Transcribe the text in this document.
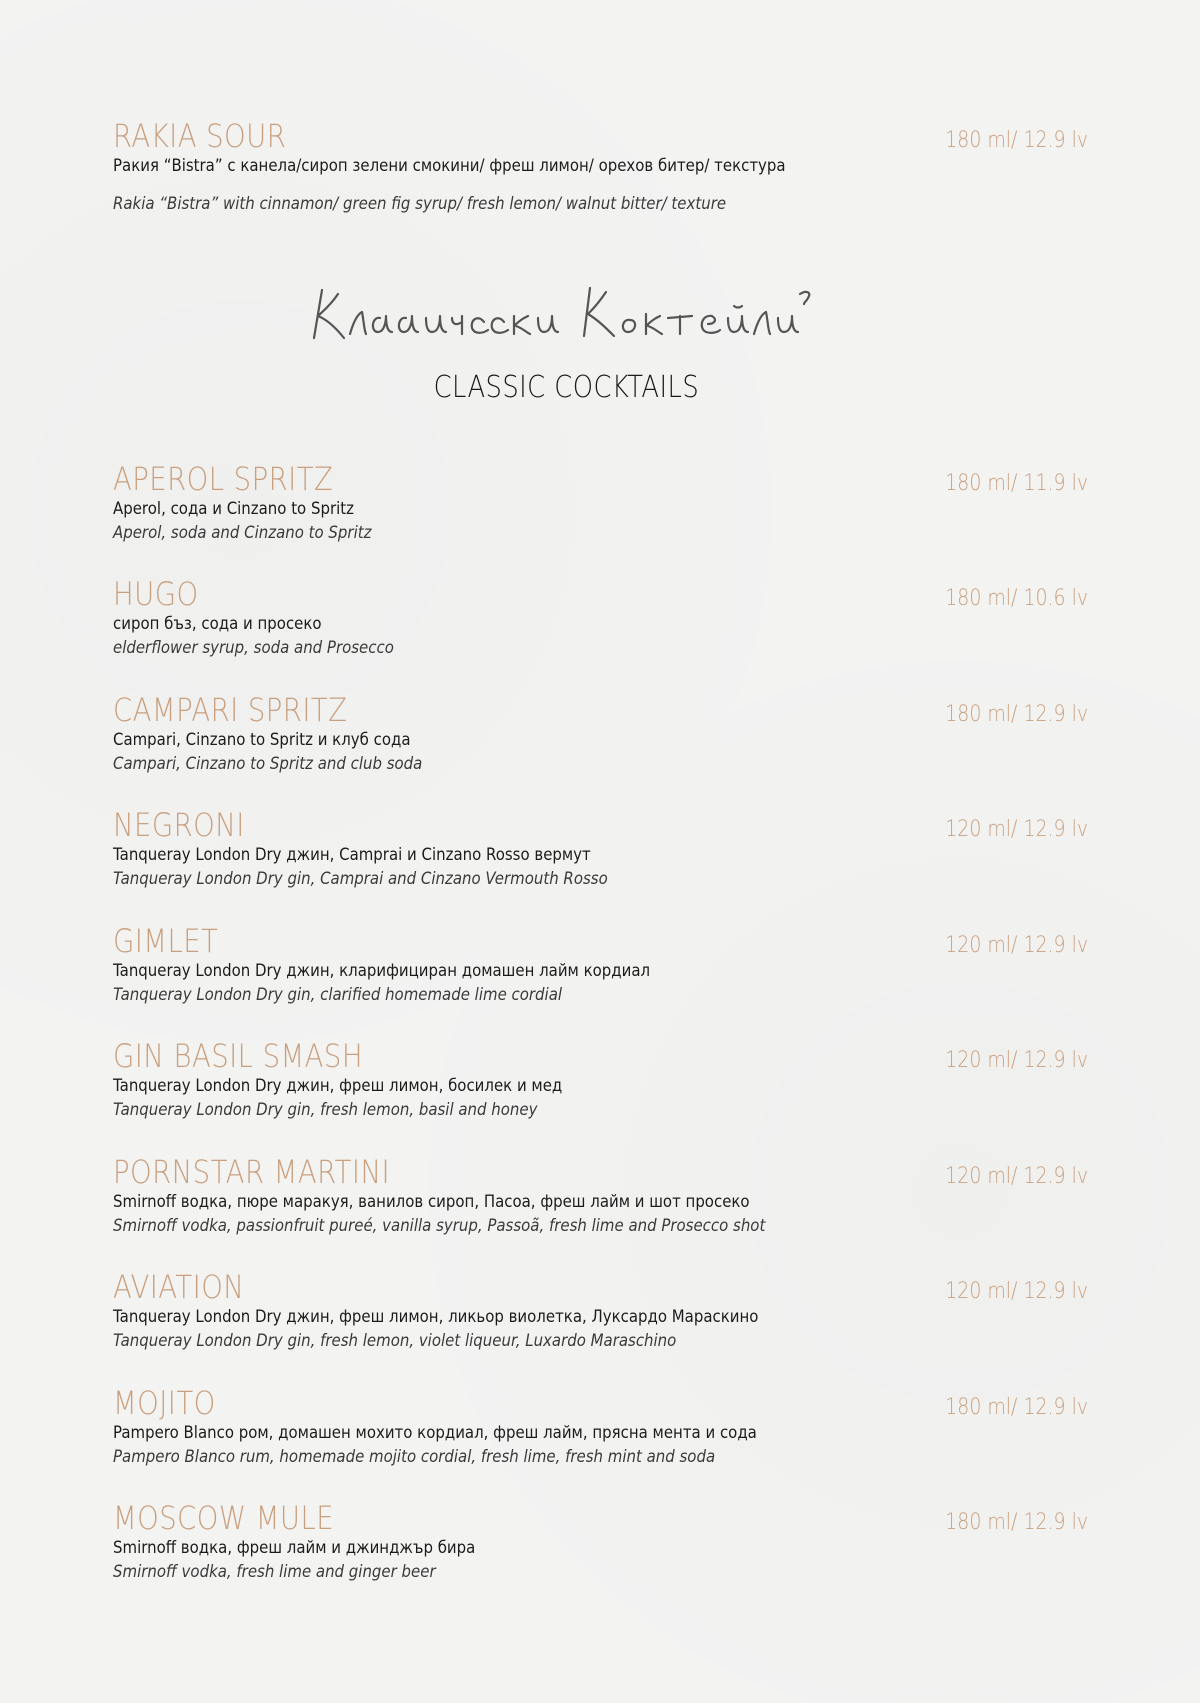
RAKIA SOUR	180 ml/ 12.9 lv
Ракия “Bistra” с канела/сироп зелени смокини/ фреш лимон/ орехов битер/ текстура
Rakia “Bistra” with cinnamon/ green fig syrup/ fresh lemon/ walnut bitter/ texture
CLASSIC COCKTAILS
APEROL SPRITZ	180 ml/ 11.9 lv
Aperol, сода и Cinzano to Spritz
Aperol, soda and Cinzano to Spritz
HUGO	180 ml/ 10.6 lv
сироп бъз, сода и просеко
elderflower syrup, soda and Prosecco
CAMPARI SPRITZ	180 ml/ 12.9 lv
Campari, Cinzano to Spritz и клуб сода
Campari, Cinzano to Spritz and club soda
NEGRONI	120 ml/ 12.9 lv
Tanqueray London Dry джин, Camprai и Cinzano Rosso вермут
Tanqueray London Dry gin, Camprai and Cinzano Vermouth Rosso
GIMLET	120 ml/ 12.9 lv
Tanqueray London Dry джин, кларифициран домашен лайм кордиал
Tanqueray London Dry gin, clarified homemade lime cordial
GIN BASIL SMASH	120 ml/ 12.9 lv
Tanqueray London Dry джин, фреш лимон, босилек и мед
Tanqueray London Dry gin, fresh lemon, basil and honey
PORNSTAR MARTINI	120 ml/ 12.9 lv
Smirnoff водка, пюре маракуя, ванилов сироп, Пасоа, фреш лайм и шот просеко
Smirnoff vodka, passionfruit pureé, vanilla syrup, Passoã, fresh lime and Prosecco shot
AVIATION	120 ml/ 12.9 lv
Tanqueray London Dry джин, фреш лимон, ликьор виолетка, Луксардо Мараскино
Tanqueray London Dry gin, fresh lemon, violet liqueur, Luxardo Maraschino
MOJITO	180 ml/ 12.9 lv
Pampero Blanco ром, домашен мохито кордиал, фреш лайм, прясна мента и сода
Pampero Blanco rum, homemade mojito cordial, fresh lime, fresh mint and soda
MOSCOW MULE	180 ml/ 12.9 lv
Smirnoff водка, фреш лайм и джинджър бира
Smirnoff vodka, fresh lime and ginger beer
